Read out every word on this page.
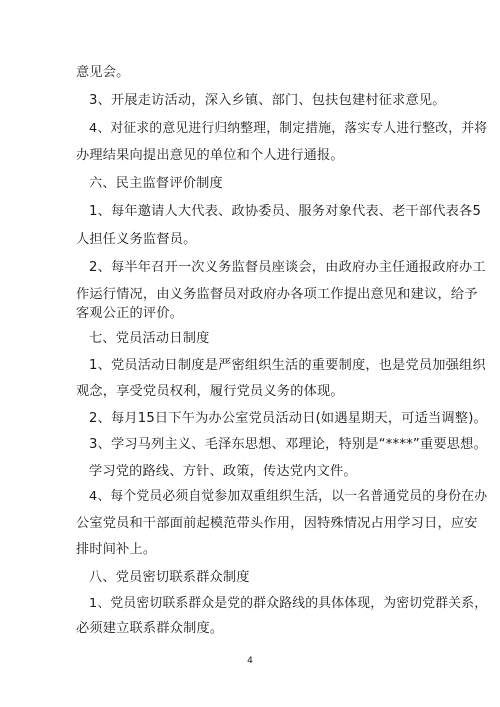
意见会。
3、开展走访活动，深入乡镇、部门、包扶包建村征求意见。
4、对征求的意见进行归纳整理，制定措施，落实专人进行整改，并将
办理结果向提出意见的单位和个人进行通报。
六、民主监督评价制度
1、每年邀请人大代表、政协委员、服务对象代表、老干部代表各5
人担任义务监督员。
2、每半年召开一次义务监督员座谈会，由政府办主任通报政府办工
作运行情况，由义务监督员对政府办各项工作提出意见和建议，给予
客观公正的评价。
七、党员活动日制度
1、党员活动日制度是严密组织生活的重要制度，也是党员加强组织
观念，享受党员权利，履行党员义务的体现。
2、每月15日下午为办公室党员活动日(如遇星期天，可适当调整)。
3、学习马列主义、毛泽东思想、邓理论，特别是“****”重要思想。
学习党的路线、方针、政策，传达党内文件。
4、每个党员必须自觉参加双重组织生活，以一名普通党员的身份在办
公室党员和干部面前起模范带头作用，因特殊情况占用学习日，应安
排时间补上。
八、党员密切联系群众制度
1、党员密切联系群众是党的群众路线的具体体现，为密切党群关系，
必须建立联系群众制度。
4
